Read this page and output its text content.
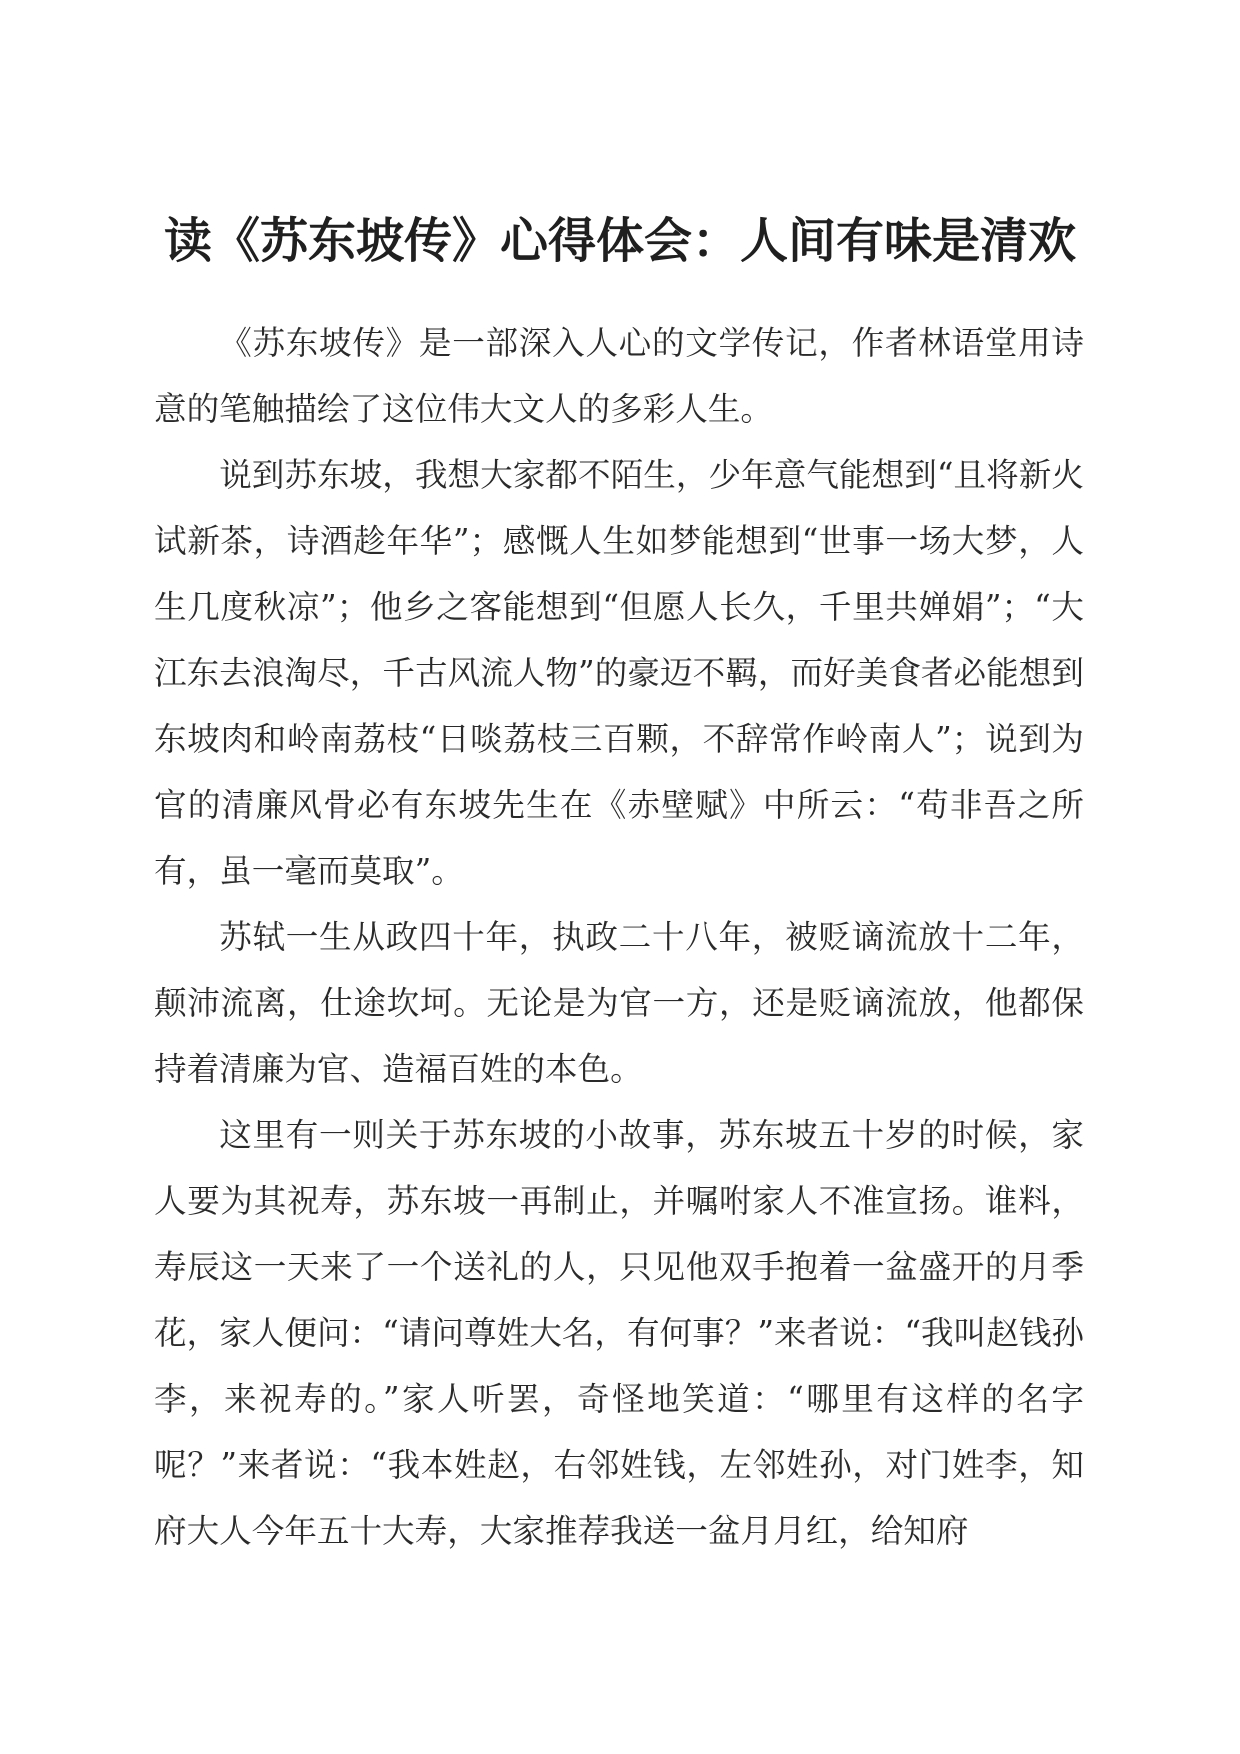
读《苏东坡传》心得体会：人间有味是清欢

《苏东坡传》是一部深入人心的文学传记，作者林语堂用诗意的笔触描绘了这位伟大文人的多彩人生。

说到苏东坡，我想大家都不陌生，少年意气能想到“且将新火试新茶，诗酒趁年华”；感慨人生如梦能想到“世事一场大梦，人生几度秋凉”；他乡之客能想到“但愿人长久，千里共婵娟”；“大江东去浪淘尽，千古风流人物”的豪迈不羁，而好美食者必能想到东坡肉和岭南荔枝“日啖荔枝三百颗，不辞常作岭南人”；说到为官的清廉风骨必有东坡先生在《赤壁赋》中所云：“苟非吾之所有，虽一毫而莫取”。

苏轼一生从政四十年，执政二十八年，被贬谪流放十二年，颠沛流离，仕途坎坷。无论是为官一方，还是贬谪流放，他都保持着清廉为官、造福百姓的本色。

这里有一则关于苏东坡的小故事，苏东坡五十岁的时候，家人要为其祝寿，苏东坡一再制止，并嘱咐家人不准宣扬。谁料，寿辰这一天来了一个送礼的人，只见他双手抱着一盆盛开的月季花，家人便问：“请问尊姓大名，有何事？”来者说：“我叫赵钱孙李，来祝寿的。”家人听罢，奇怪地笑道：“哪里有这样的名字呢？”来者说：“我本姓赵，右邻姓钱，左邻姓孙，对门姓李，知府大人今年五十大寿，大家推荐我送一盆月月红，给知府
